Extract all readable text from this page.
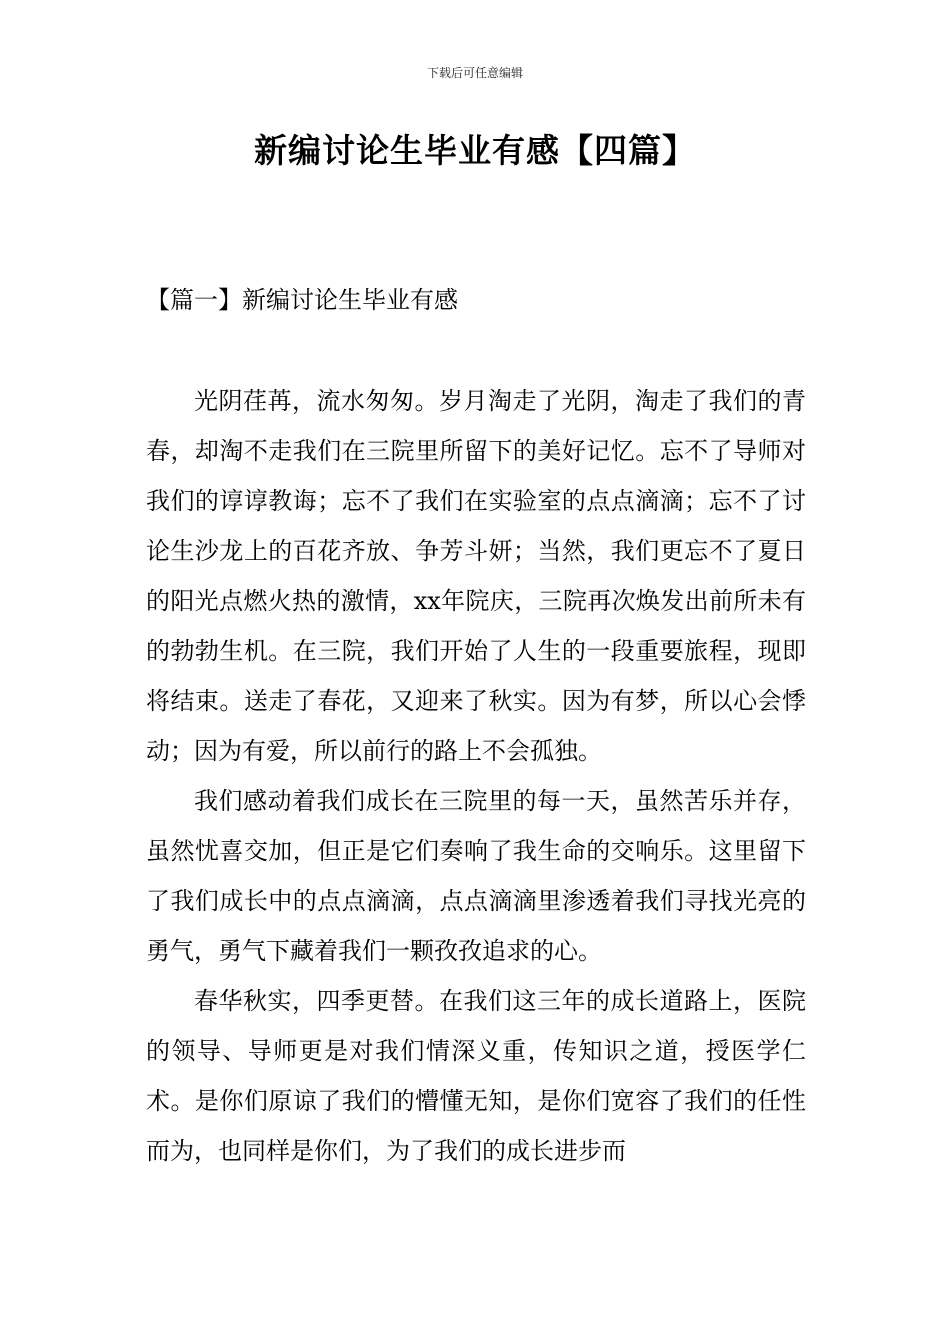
下载后可任意编辑
新编讨论生毕业有感【四篇】
【篇一】新编讨论生毕业有感

光阴荏苒，流水匆匆。岁月淘走了光阴，淘走了我们的青春，却淘不走我们在三院里所留下的美好记忆。忘不了导师对我们的谆谆教诲；忘不了我们在实验室的点点滴滴；忘不了讨论生沙龙上的百花齐放、争芳斗妍；当然，我们更忘不了夏日的阳光点燃火热的激情，xx年院庆，三院再次焕发出前所未有的勃勃生机。在三院，我们开始了人生的一段重要旅程，现即将结束。送走了春花，又迎来了秋实。因为有梦，所以心会悸动；因为有爱，所以前行的路上不会孤独。

我们感动着我们成长在三院里的每一天，虽然苦乐并存，虽然忧喜交加，但正是它们奏响了我生命的交响乐。这里留下了我们成长中的点点滴滴，点点滴滴里渗透着我们寻找光亮的勇气，勇气下藏着我们一颗孜孜追求的心。

春华秋实，四季更替。在我们这三年的成长道路上，医院的领导、导师更是对我们情深义重，传知识之道，授医学仁术。是你们原谅了我们的懵懂无知，是你们宽容了我们的任性而为，也同样是你们，为了我们的成长进步而
